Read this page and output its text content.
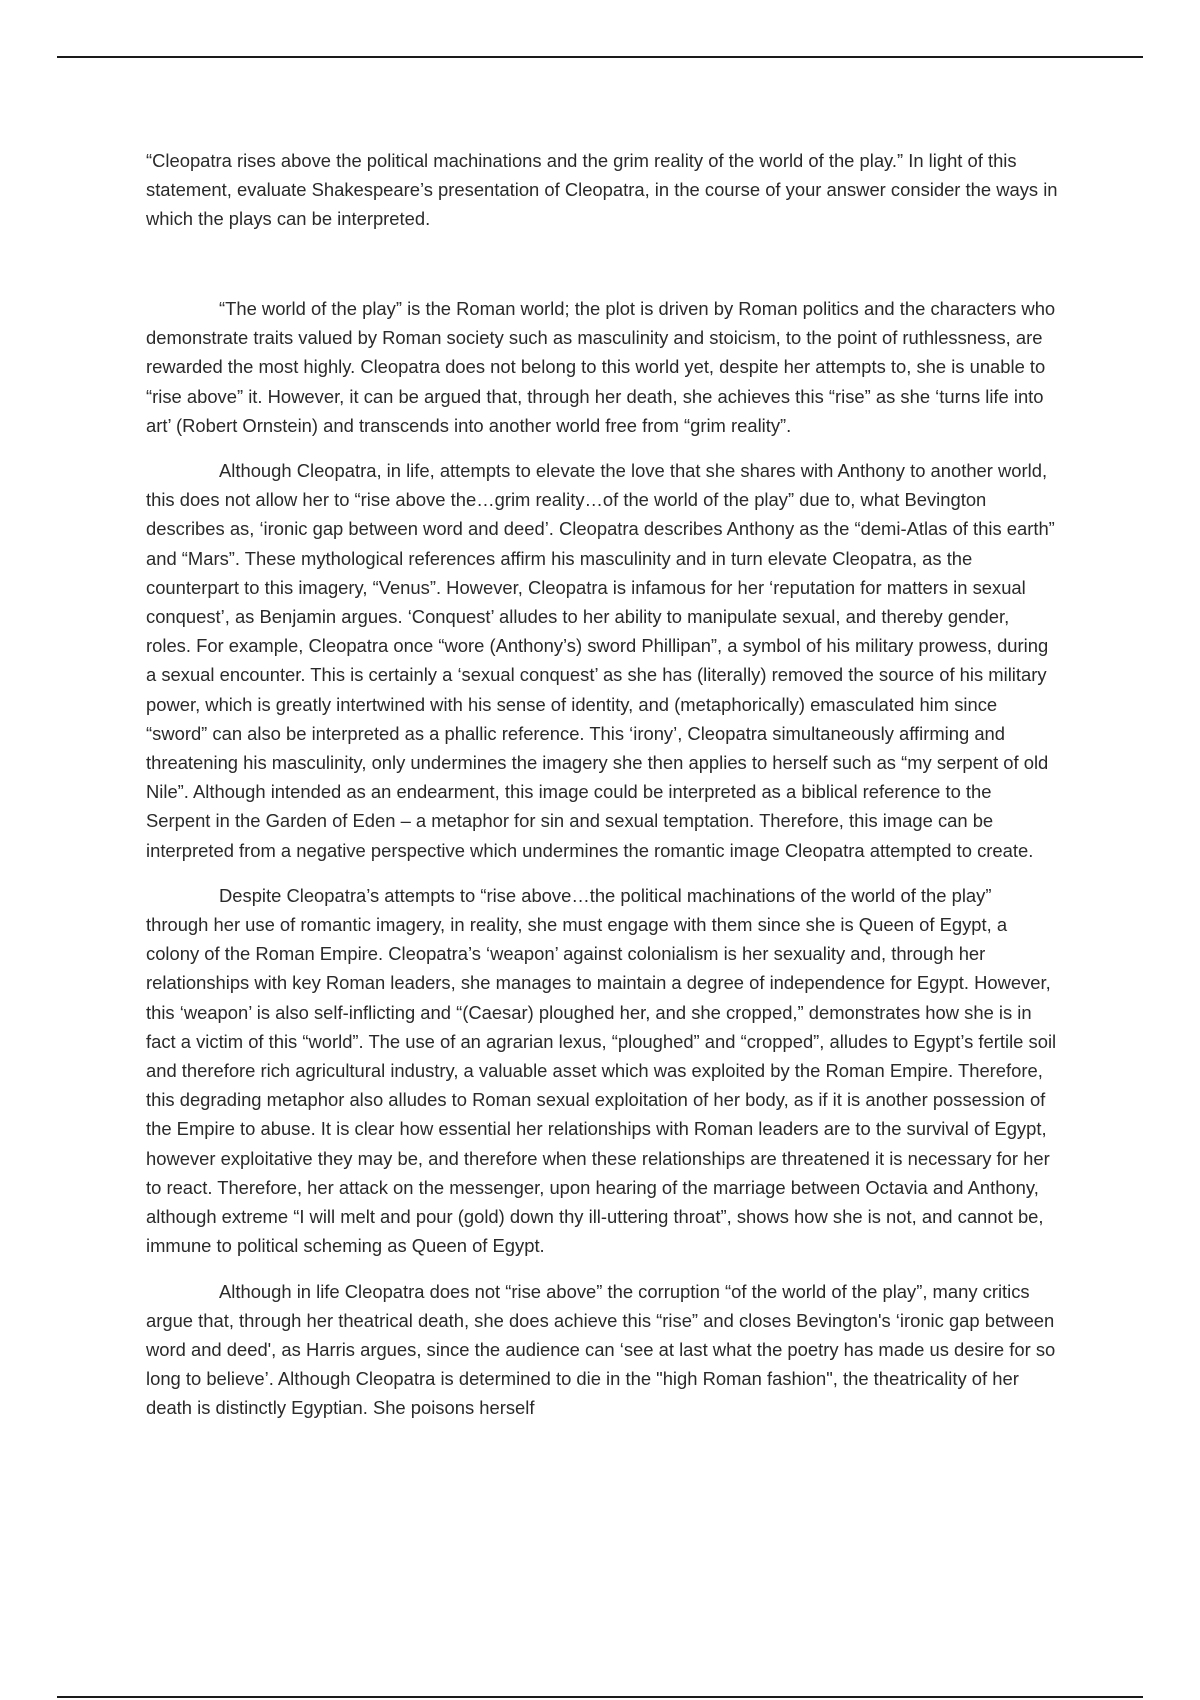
“Cleopatra rises above the political machinations and the grim reality of the world of the play.” In light of this statement, evaluate Shakespeare’s presentation of Cleopatra, in the course of your answer consider the ways in which the plays can be interpreted.

“The world of the play” is the Roman world; the plot is driven by Roman politics and the characters who demonstrate traits valued by Roman society such as masculinity and stoicism, to the point of ruthlessness, are rewarded the most highly. Cleopatra does not belong to this world yet, despite her attempts to, she is unable to “rise above” it. However, it can be argued that, through her death, she achieves this “rise” as she ‘turns life into art’ (Robert Ornstein) and transcends into another world free from “grim reality”.

Although Cleopatra, in life, attempts to elevate the love that she shares with Anthony to another world, this does not allow her to “rise above the…grim reality…of the world of the play” due to, what Bevington describes as, ‘ironic gap between word and deed’. Cleopatra describes Anthony as the “demi-Atlas of this earth” and “Mars”. These mythological references affirm his masculinity and in turn elevate Cleopatra, as the counterpart to this imagery, “Venus”. However, Cleopatra is infamous for her ‘reputation for matters in sexual conquest’, as Benjamin argues. ‘Conquest’ alludes to her ability to manipulate sexual, and thereby gender, roles. For example, Cleopatra once “wore (Anthony’s) sword Phillipan”, a symbol of his military prowess, during a sexual encounter. This is certainly a ‘sexual conquest’ as she has (literally) removed the source of his military power, which is greatly intertwined with his sense of identity, and (metaphorically) emasculated him since “sword” can also be interpreted as a phallic reference. This ‘irony’, Cleopatra simultaneously affirming and threatening his masculinity, only undermines the imagery she then applies to herself such as “my serpent of old Nile”. Although intended as an endearment, this image could be interpreted as a biblical reference to the Serpent in the Garden of Eden – a metaphor for sin and sexual temptation. Therefore, this image can be interpreted from a negative perspective which undermines the romantic image Cleopatra attempted to create.

Despite Cleopatra’s attempts to “rise above…the political machinations of the world of the play” through her use of romantic imagery, in reality, she must engage with them since she is Queen of Egypt, a colony of the Roman Empire. Cleopatra’s ‘weapon’ against colonialism is her sexuality and, through her relationships with key Roman leaders, she manages to maintain a degree of independence for Egypt. However, this ‘weapon’ is also self-inflicting and “(Caesar) ploughed her, and she cropped,” demonstrates how she is in fact a victim of this “world”. The use of an agrarian lexus, “ploughed” and “cropped”, alludes to Egypt’s fertile soil and therefore rich agricultural industry, a valuable asset which was exploited by the Roman Empire. Therefore, this degrading metaphor also alludes to Roman sexual exploitation of her body, as if it is another possession of the Empire to abuse. It is clear how essential her relationships with Roman leaders are to the survival of Egypt, however exploitative they may be, and therefore when these relationships are threatened it is necessary for her to react. Therefore, her attack on the messenger, upon hearing of the marriage between Octavia and Anthony, although extreme “I will melt and pour (gold) down thy ill-uttering throat”, shows how she is not, and cannot be, immune to political scheming as Queen of Egypt.

Although in life Cleopatra does not “rise above” the corruption “of the world of the play”, many critics argue that, through her theatrical death, she does achieve this “rise” and closes Bevington's ‘ironic gap between word and deed', as Harris argues, since the audience can ‘see at last what the poetry has made us desire for so long to believe’. Although Cleopatra is determined to die in the "high Roman fashion", the theatricality of her death is distinctly Egyptian. She poisons herself
